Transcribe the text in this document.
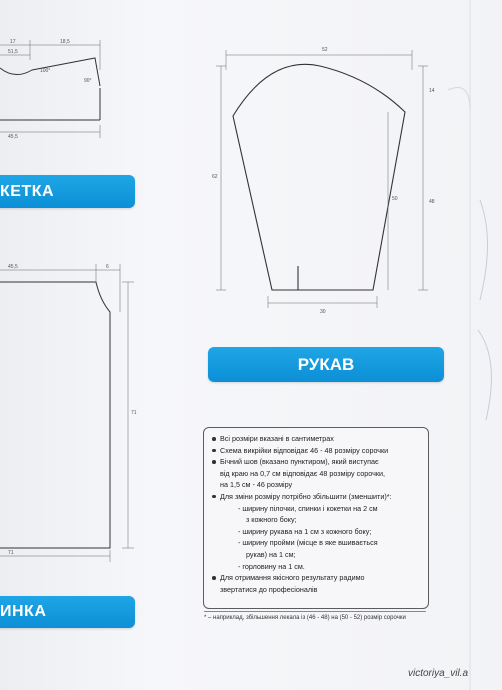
17	18,5
51,5
100°
90°
45,5
45,5	6
71
71
52
14
62
50	48
30
КЕТКА
РУКАВ
ИНКА
Всі розміри вказані в сантиметрах
Схема викрійки відповідає 46 - 48 розміру сорочки
Бічний шов (вказано пунктиром), який виступає
від краю на 0,7 см відповідає 48 розміру сорочки,
на 1,5 см - 46 розміру
Для зміни розміру потрібно збільшити (зменшити)*:
- ширину пілочки, спинки і кокетки на 2 см
з кожного боку;
- ширину рукава на 1 см з кожного боку;
- ширину пройми (місце в яке вшивається
рукав) на 1 см;
- горловину на 1 см.
Для отримання якісного результату радимо
звертатися до професіоналів
* – наприклад, збільшення лекала із (46 - 48) на (50 - 52) розмір сорочки
victoriya_vil.a
